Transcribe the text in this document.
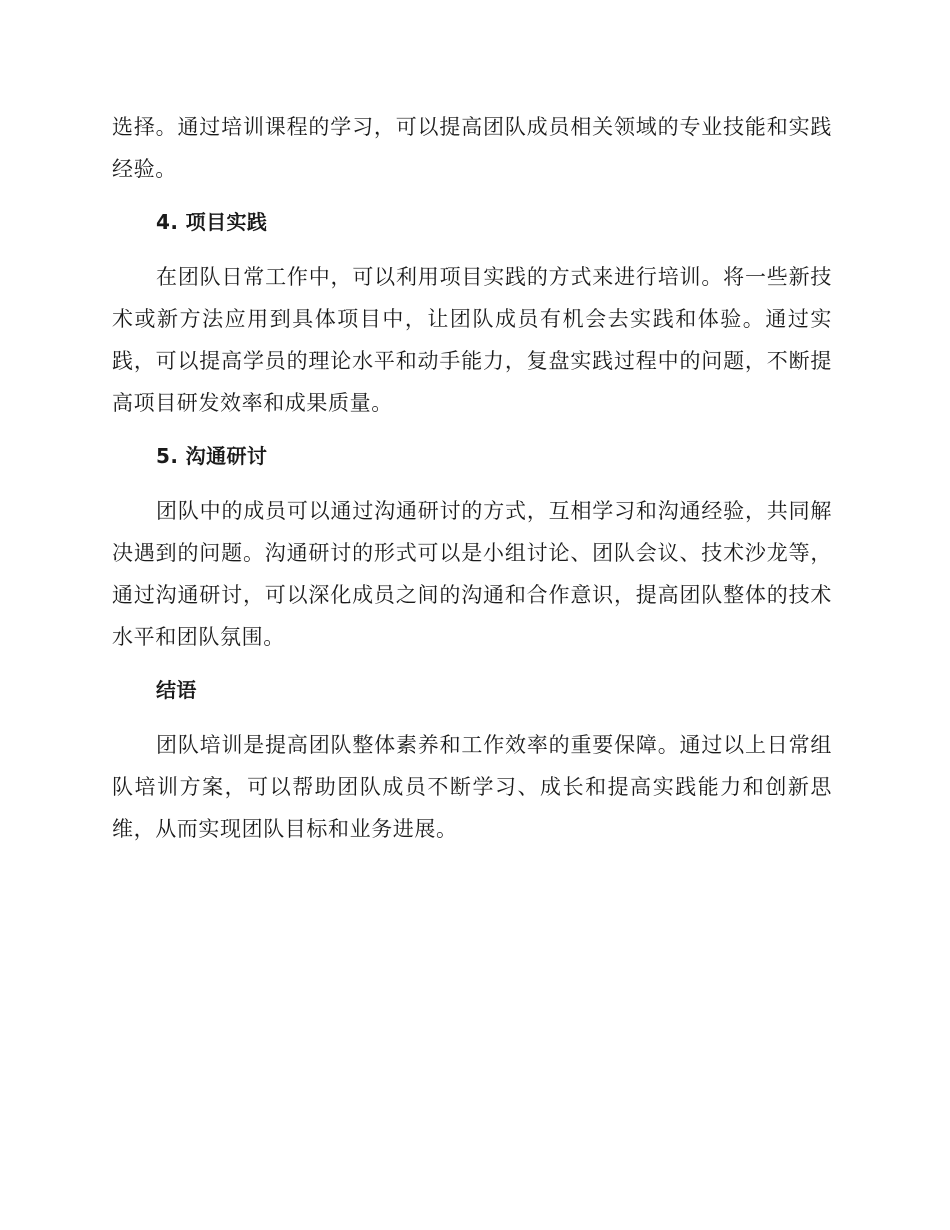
选择。通过培训课程的学习，可以提高团队成员相关领域的专业技能和实践经验。

4. 项目实践

在团队日常工作中，可以利用项目实践的方式来进行培训。将一些新技术或新方法应用到具体项目中，让团队成员有机会去实践和体验。通过实践，可以提高学员的理论水平和动手能力，复盘实践过程中的问题，不断提高项目研发效率和成果质量。

5. 沟通研讨

团队中的成员可以通过沟通研讨的方式，互相学习和沟通经验，共同解决遇到的问题。沟通研讨的形式可以是小组讨论、团队会议、技术沙龙等，通过沟通研讨，可以深化成员之间的沟通和合作意识，提高团队整体的技术水平和团队氛围。

结语

团队培训是提高团队整体素养和工作效率的重要保障。通过以上日常组队培训方案，可以帮助团队成员不断学习、成长和提高实践能力和创新思维，从而实现团队目标和业务进展。
